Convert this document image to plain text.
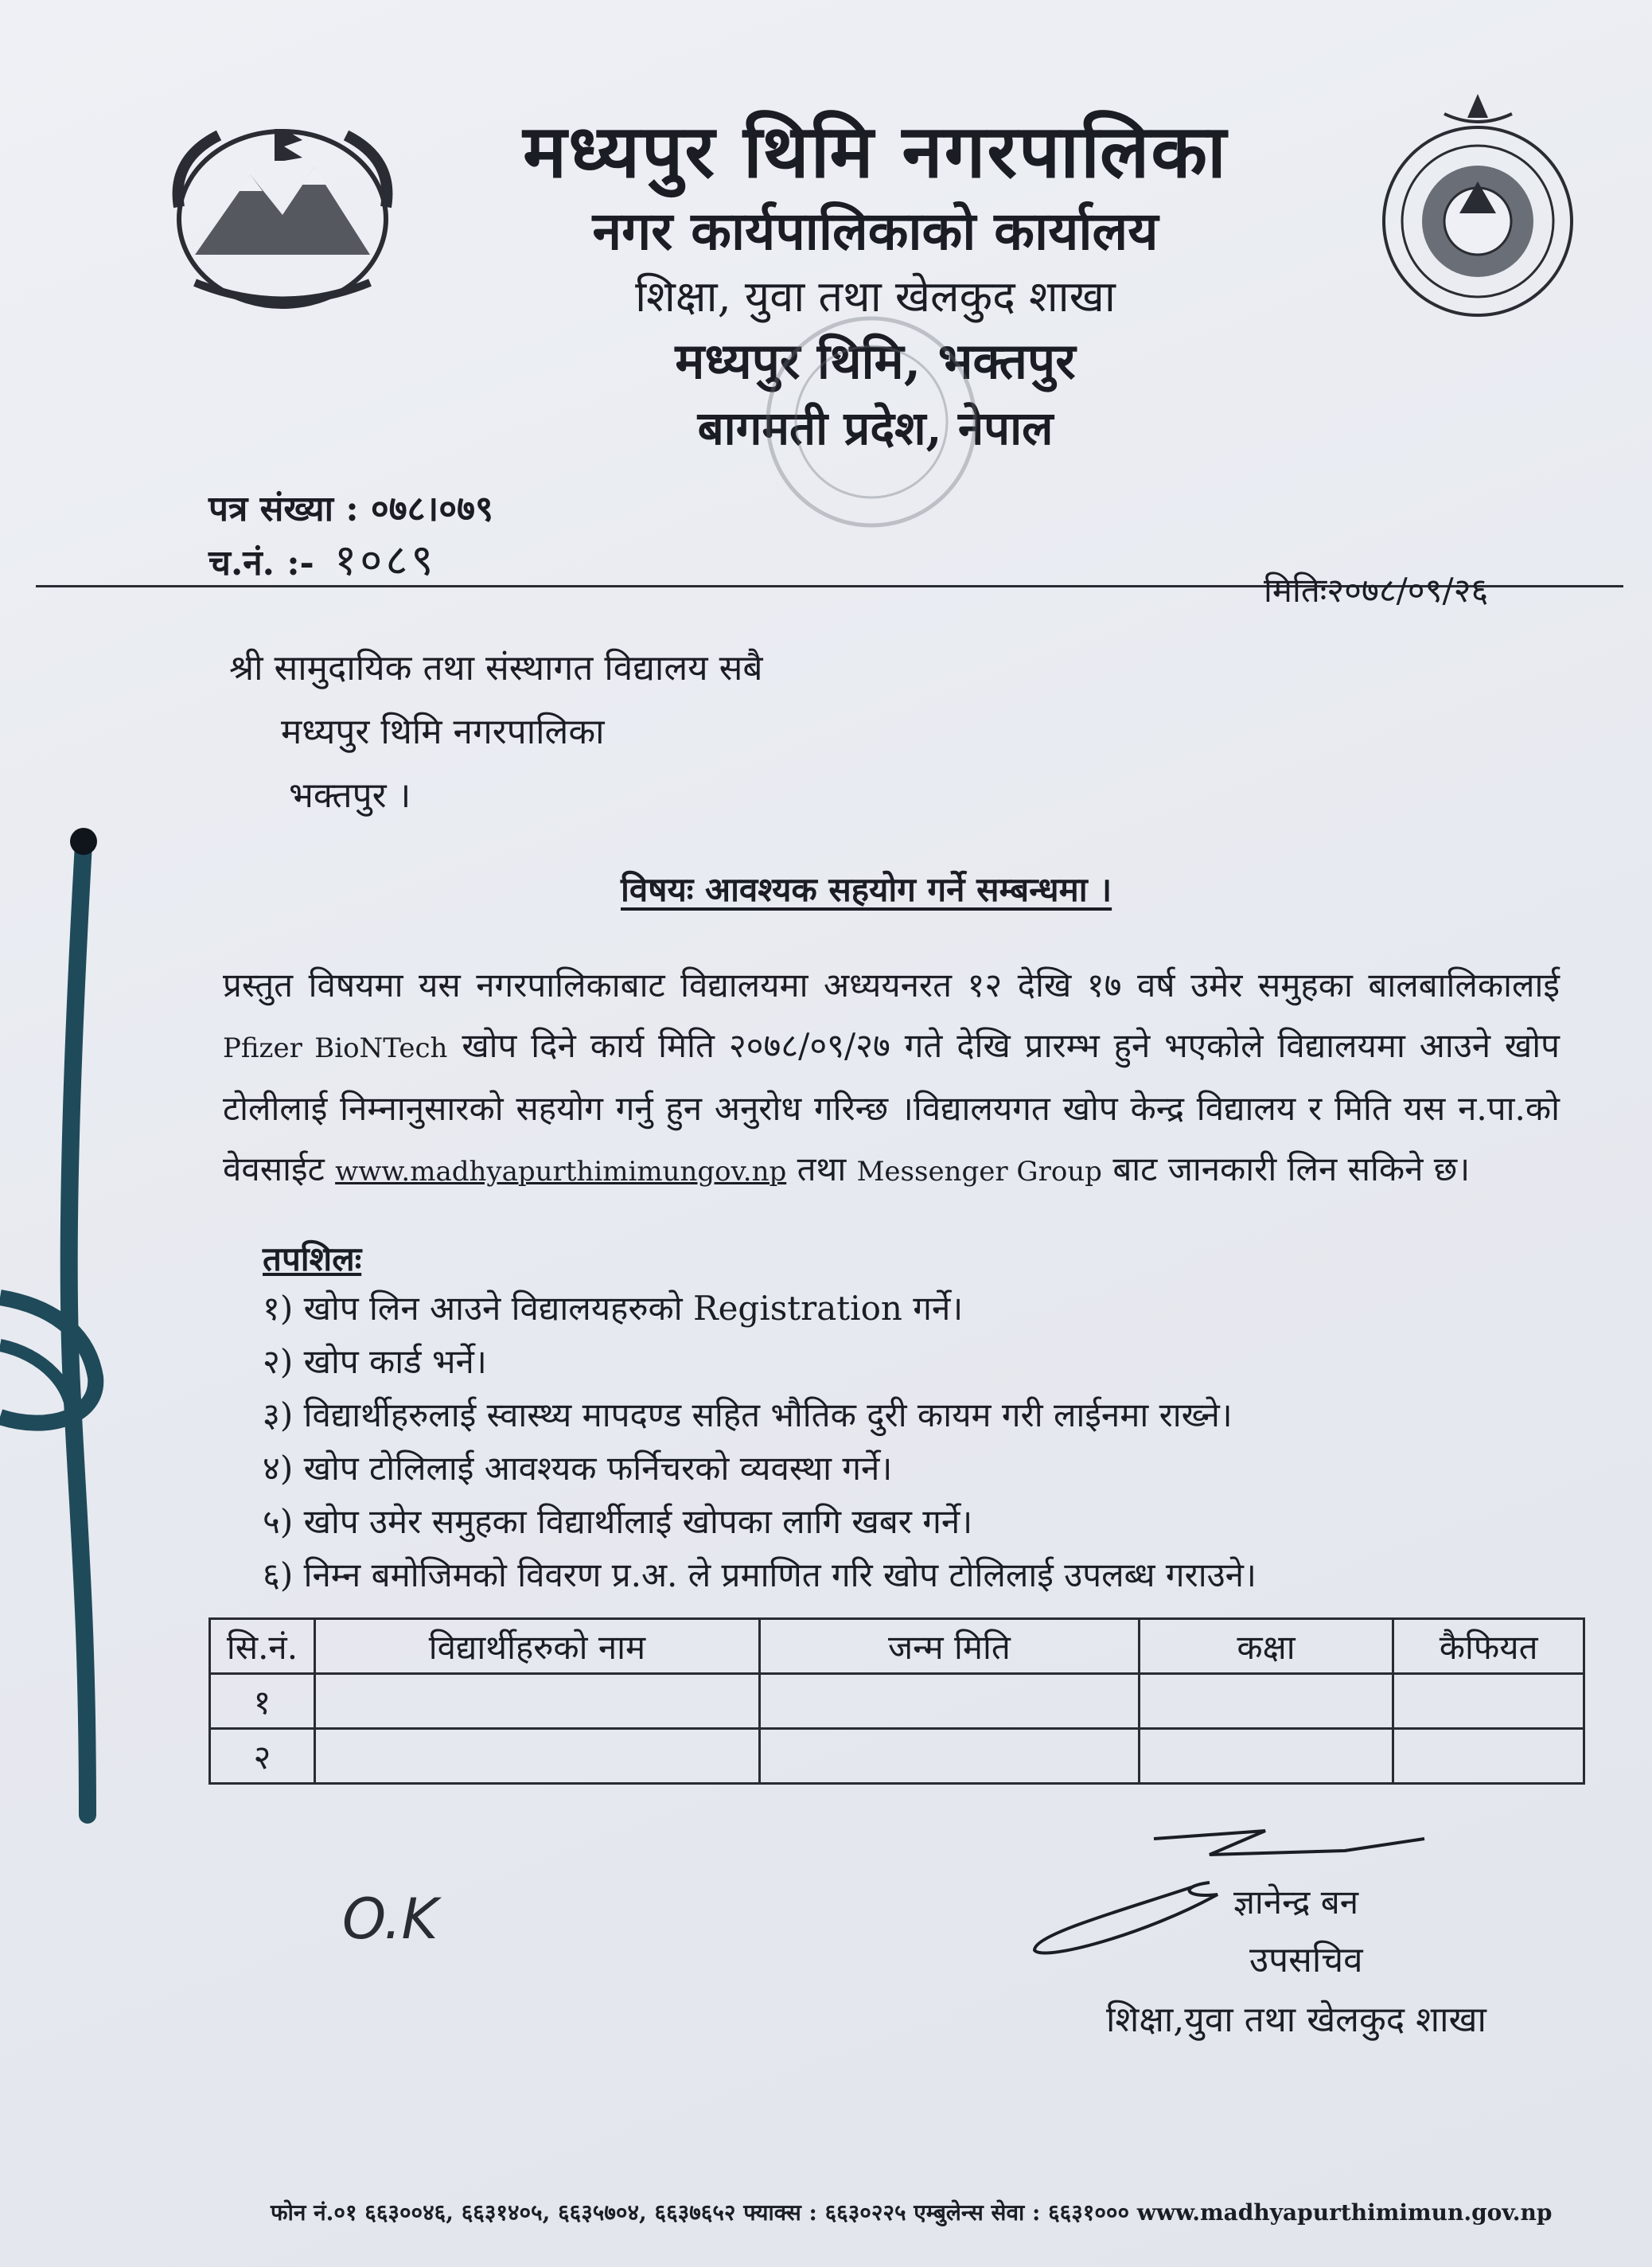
मध्यपुर थिमि नगरपालिका
नगर कार्यपालिकाको कार्यालय
शिक्षा, युवा तथा खेलकुद शाखा
मध्यपुर थिमि, भक्तपुर
बागमती प्रदेश, नेपाल
पत्र संख्या : ०७८।०७९
च.नं. :- १०८९
मितिः२०७८/०९/२६
श्री सामुदायिक तथा संस्थागत विद्यालय सबै
मध्यपुर थिमि नगरपालिका
भक्तपुर ।
विषयः आवश्यक सहयोग गर्ने सम्बन्धमा ।
प्रस्तुत विषयमा यस नगरपालिकाबाट विद्यालयमा अध्ययनरत १२ देखि १७ वर्ष उमेर समुहका बालबालिकालाई Pfizer BioNTech खोप दिने कार्य मिति २०७८/०९/२७ गते देखि प्रारम्भ हुने भएकोले विद्यालयमा आउने खोप टोलीलाई निम्नानुसारको सहयोग गर्नु हुन अनुरोध गरिन्छ ।विद्यालयगत खोप केन्द्र विद्यालय र मिति यस न.पा.को वेवसाईट www.madhyapurthimimungov.np तथा Messenger Group बाट जानकारी लिन सकिने छ।
तपशिलः
१) खोप लिन आउने विद्यालयहरुको Registration गर्ने।
२) खोप कार्ड भर्ने।
३) विद्यार्थीहरुलाई स्वास्थ्य मापदण्ड सहित भौतिक दुरी कायम गरी लाईनमा राख्ने।
४) खोप टोलिलाई आवश्यक फर्निचरको व्यवस्था गर्ने।
५) खोप उमेर समुहका विद्यार्थीलाई खोपका लागि खबर गर्ने।
६) निम्न बमोजिमको विवरण प्र.अ. ले प्रमाणित गरि खोप टोलिलाई उपलब्ध गराउने।
सि.नं.	विद्यार्थीहरुको नाम	जन्म मिति	कक्षा	कैफियत
१				
२				
O.K	ज्ञानेन्द्र बन
उपसचिव
शिक्षा,युवा तथा खेलकुद शाखा
फोन नं.०१ ६६३००४६, ६६३१४०५, ६६३५७०४, ६६३७६५२ फ्याक्स : ६६३०२२५ एम्बुलेन्स सेवा : ६६३१००० www.madhyapurthimimun.gov.np
